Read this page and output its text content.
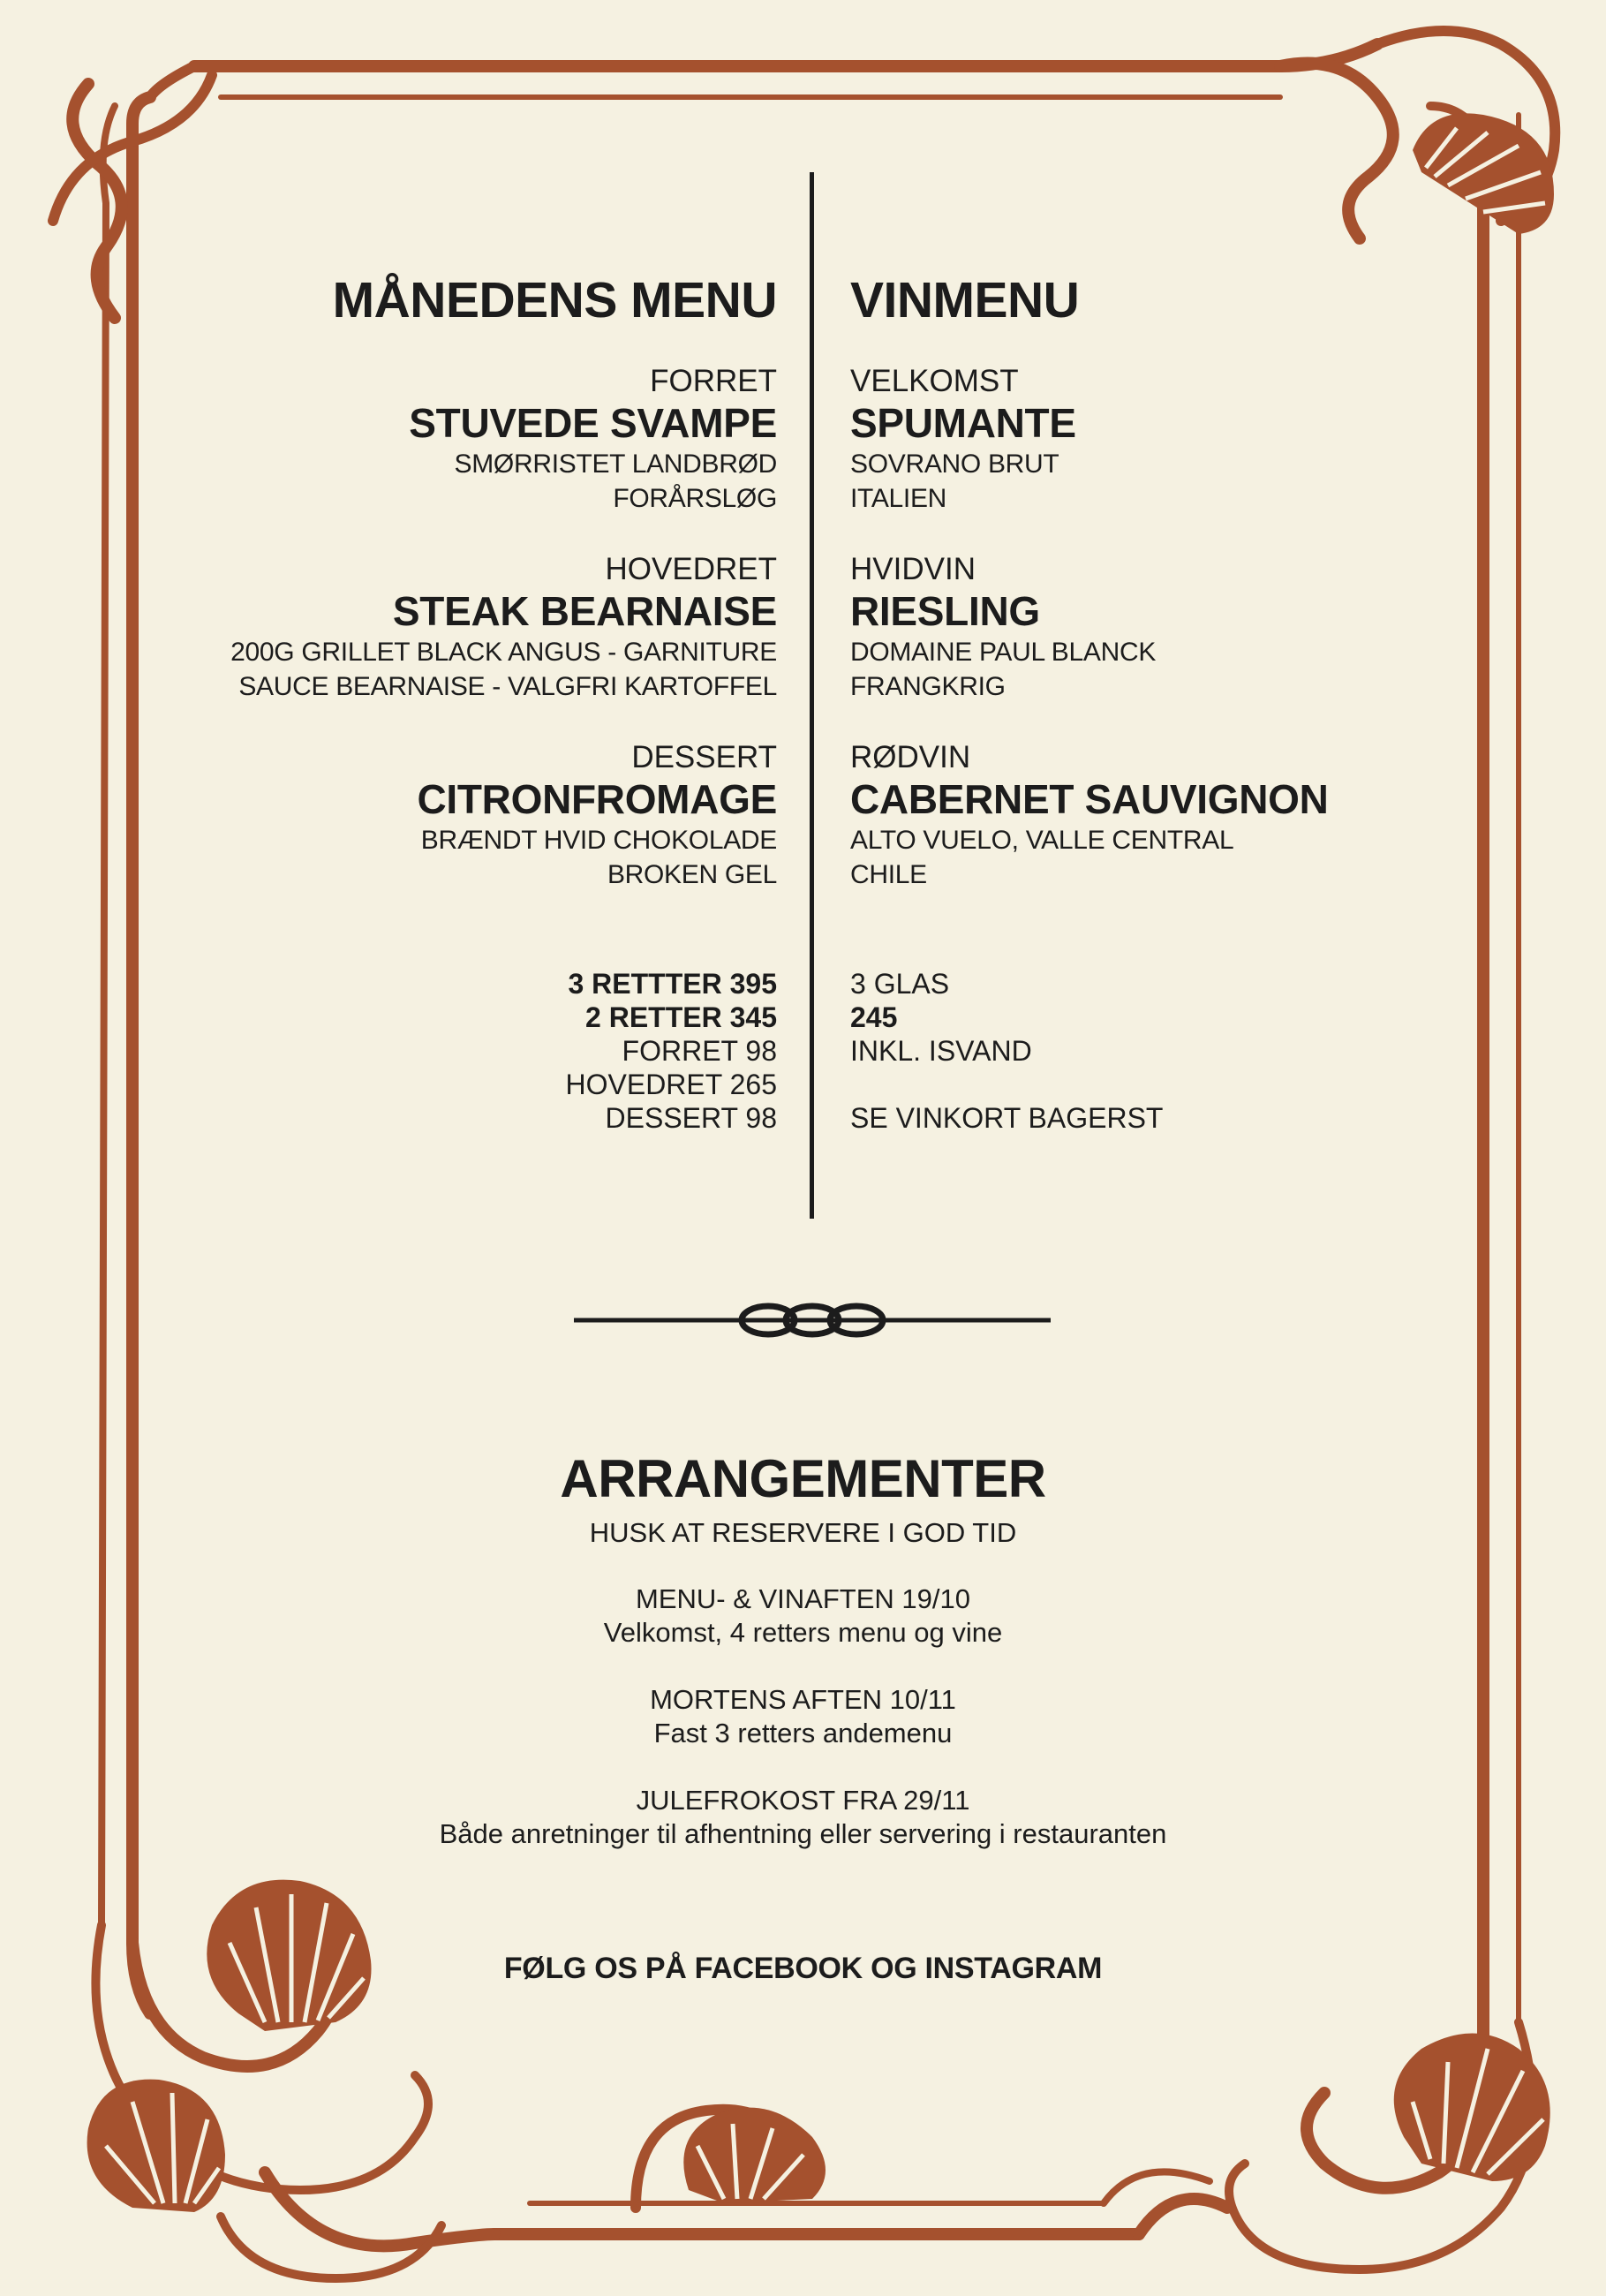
MÅNEDENS MENU
FORRET
STUVEDE SVAMPE
SMØRRISTET LANDBRØD
FORÅRSLØG
HOVEDRET
STEAK BEARNAISE
200G GRILLET BLACK ANGUS - GARNITURE
SAUCE BEARNAISE - VALGFRI KARTOFFEL
DESSERT
CITRONFROMAGE
BRÆNDT HVID CHOKOLADE
BROKEN GEL
3 RETTTER 395
2 RETTER 345
FORRET 98
HOVEDRET 265
DESSERT 98
VINMENU
VELKOMST
SPUMANTE
SOVRANO BRUT
ITALIEN
HVIDVIN
RIESLING
DOMAINE PAUL BLANCK
FRANGKRIG
RØDVIN
CABERNET SAUVIGNON
ALTO VUELO, VALLE CENTRAL
CHILE
3 GLAS
245
INKL. ISVAND
SE VINKORT BAGERST
ARRANGEMENTER
HUSK AT RESERVERE I GOD TID
MENU- & VINAFTEN 19/10
Velkomst, 4 retters menu og vine
MORTENS AFTEN 10/11
Fast 3 retters andemenu
JULEFROKOST FRA 29/11
Både anretninger til afhentning eller servering i restauranten
FØLG OS PÅ FACEBOOK OG INSTAGRAM
